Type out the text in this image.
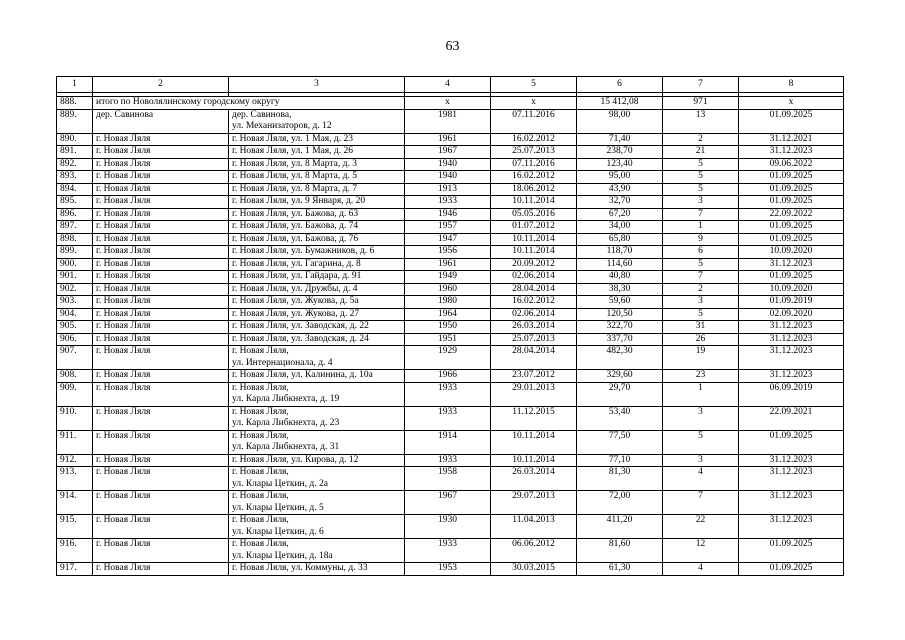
63
1	2	3	4	5	6	7	8

888.	итого по Новолялинскому городскому округу		x	x	15 412,08	971	x
889.	дер. Савинова	дер. Савинова,
ул. Механизаторов, д. 12	1981	07.11.2016	98,00	13	01.09.2025
890.	г. Новая Ляля	г. Новая Ляля, ул. 1 Мая, д. 23	1961	16.02.2012	71,40	2	31.12.2021
891.	г. Новая Ляля	г. Новая Ляля, ул. 1 Мая, д. 26	1967	25.07.2013	238,70	21	31.12.2023
892.	г. Новая Ляля	г. Новая Ляля, ул. 8 Марта, д. 3	1940	07.11.2016	123,40	5	09.06.2022
893.	г. Новая Ляля	г. Новая Ляля, ул. 8 Марта, д. 5	1940	16.02.2012	95,00	5	01.09.2025
894.	г. Новая Ляля	г. Новая Ляля, ул. 8 Марта, д. 7	1913	18.06.2012	43,90	5	01.09.2025
895.	г. Новая Ляля	г. Новая Ляля, ул. 9 Января, д. 20	1933	10.11.2014	32,70	3	01.09.2025
896.	г. Новая Ляля	г. Новая Ляля, ул. Бажова, д. 63	1946	05.05.2016	67,20	7	22.09.2022
897.	г. Новая Ляля	г. Новая Ляля, ул. Бажова, д. 74	1957	01.07.2012	34,00	1	01.09.2025
898.	г. Новая Ляля	г. Новая Ляля, ул. Бажова, д. 76	1947	10.11.2014	65,80	9	01.09.2025
899.	г. Новая Ляля	г. Новая Ляля, ул. Бумажников, д. 6	1956	10.11.2014	118,70	6	10.09.2020
900.	г. Новая Ляля	г. Новая Ляля, ул. Гагарина, д. 8	1961	20.09.2012	114,60	5	31.12.2023
901.	г. Новая Ляля	г. Новая Ляля, ул. Гайдара, д. 91	1949	02.06.2014	40,80	7	01.09.2025
902.	г. Новая Ляля	г. Новая Ляля, ул. Дружбы, д. 4	1960	28.04.2014	38,30	2	10.09.2020
903.	г. Новая Ляля	г. Новая Ляля, ул. Жукова, д. 5а	1980	16.02.2012	59,60	3	01.09.2019
904.	г. Новая Ляля	г. Новая Ляля, ул. Жукова, д. 27	1964	02.06.2014	120,50	5	02.09.2020
905.	г. Новая Ляля	г. Новая Ляля, ул. Заводская, д. 22	1950	26.03.2014	322,70	31	31.12.2023
906.	г. Новая Ляля	г. Новая Ляля, ул. Заводская, д. 24	1951	25.07.2013	337,70	26	31.12.2023
907.	г. Новая Ляля	г. Новая Ляля,
ул. Интернационала, д. 4	1929	28.04.2014	482,30	19	31.12.2023
908.	г. Новая Ляля	г. Новая Ляля, ул. Калинина, д. 10а	1966	23.07.2012	329,60	23	31.12.2023
909.	г. Новая Ляля	г. Новая Ляля,
ул. Карла Либкнехта, д. 19	1933	29.01.2013	29,70	1	06.09.2019
910.	г. Новая Ляля	г. Новая Ляля,
ул. Карла Либкнехта, д. 23	1933	11.12.2015	53,40	3	22.09.2021
911.	г. Новая Ляля	г. Новая Ляля,
ул. Карла Либкнехта, д. 31	1914	10.11.2014	77,50	5	01.09.2025
912.	г. Новая Ляля	г. Новая Ляля, ул. Кирова, д. 12	1933	10.11.2014	77,10	3	31.12.2023
913.	г. Новая Ляля	г. Новая Ляля,
ул. Клары Цеткин, д. 2а	1958	26.03.2014	81,30	4	31.12.2023
914.	г. Новая Ляля	г. Новая Ляля,
ул. Клары Цеткин, д. 5	1967	29.07.2013	72,00	7	31.12.2023
915.	г. Новая Ляля	г. Новая Ляля,
ул. Клары Цеткин, д. 6	1930	11.04.2013	411,20	22	31.12.2023
916.	г. Новая Ляля	г. Новая Ляля,
ул. Клары Цеткин, д. 18а	1933	06.06.2012	81,60	12	01.09.2025
917.	г. Новая Ляля	г. Новая Ляля, ул. Коммуны, д. 33	1953	30.03.2015	61,30	4	01.09.2025
